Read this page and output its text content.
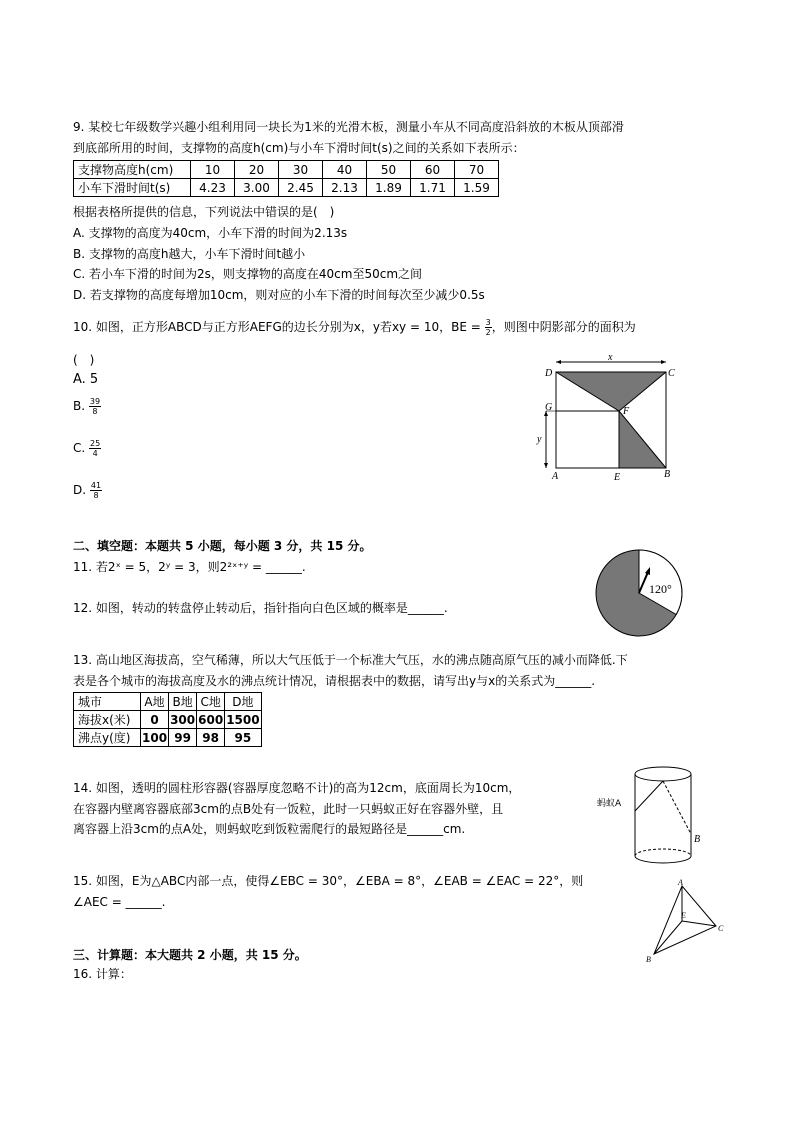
9. 某校七年级数学兴趣小组利用同一块长为1米的光滑木板，测量小车从不同高度沿斜放的木板从顶部滑
到底部所用的时间，支撑物的高度h(cm)与小车下滑时间t(s)之间的关系如下表所示：
支撑物高度h(cm)	10	20	30	40	50	60	70
小车下滑时间t(s)	4.23	3.00	2.45	2.13	1.89	1.71	1.59
根据表格所提供的信息，下列说法中错误的是(　)
A. 支撑物的高度为40cm，小车下滑的时间为2.13s
B. 支撑物的高度h越大，小车下滑时间t越小
C. 若小车下滑的时间为2s，则支撑物的高度在40cm至50cm之间
D. 若支撑物的高度每增加10cm，则对应的小车下滑的时间每次至少减少0.5s
10. 如图，正方形ABCD与正方形AEFG的边长分别为x，y若xy = 10，BE = $\frac{3}{2}$ ，则图中阴影部分的面积为
(　)
A. 5
B. $\frac{39}{8}$
C. $\frac{25}{4}$
D. $\frac{41}{8}$
x
y
D	C
G	F
A	E	B
二、填空题：本题共 5 小题，每小题 3 分，共 15 分。
11. 若2ˣ = 5，2ʸ = 3，则2²ˣ⁺ʸ = ______.
12. 如图，转动的转盘停止转动后，指针指向白色区域的概率是______.
120°
13. 高山地区海拔高，空气稀薄，所以大气压低于一个标准大气压，水的沸点随高原气压的减小而降低.下
表是各个城市的海拔高度及水的沸点统计情况，请根据表中的数据，请写出y与x的关系式为______.
城市	A地	B地	C地	D地
海拔x(米)	0	300	600	1500
沸点y(度)	100	99	98	95
14. 如图，透明的圆柱形容器(容器厚度忽略不计)的高为12cm，底面周长为10cm，
在容器内壁离容器底部3cm的点B处有一饭粒，此时一只蚂蚁正好在容器外壁，且
离容器上沿3cm的点A处，则蚂蚁吃到饭粒需爬行的最短路径是______cm.
蚂蚁A
B
15. 如图，E为△ABC内部一点，使得∠EBC = 30°，∠EBA = 8°，∠EAB = ∠EAC = 22°，则
∠AEC = ______.
A
E
C
B
三、计算题：本大题共 2 小题，共 15 分。
16. 计算：
